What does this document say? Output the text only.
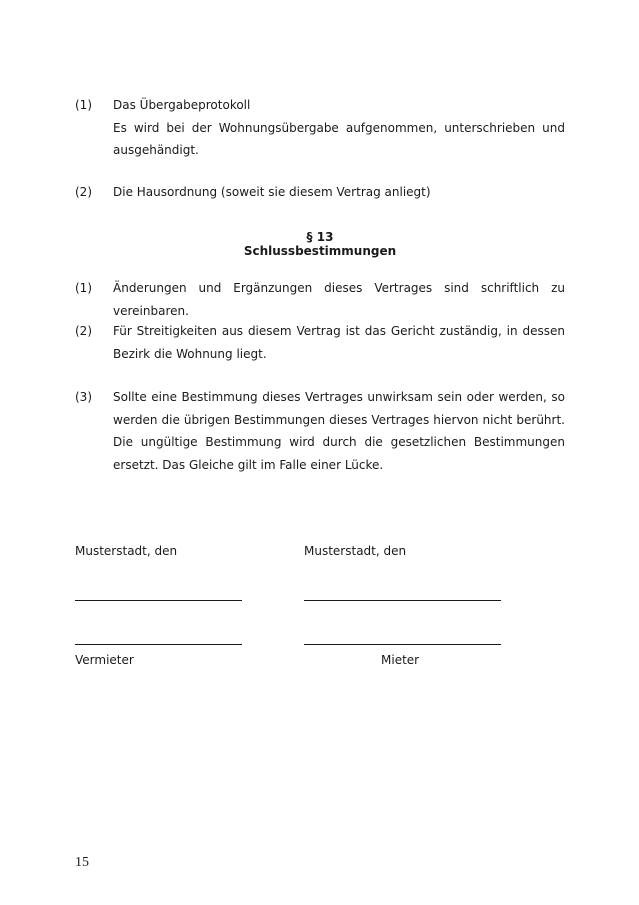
(1) Das Übergabeprotokoll
Es wird bei der Wohnungsübergabe aufgenommen, unterschrieben und ausgehändigt.
(2) Die Hausordnung (soweit sie diesem Vertrag anliegt)
§ 13
Schlussbestimmungen
(1) Änderungen und Ergänzungen dieses Vertrages sind schriftlich zu vereinbaren.
(2) Für Streitigkeiten aus diesem Vertrag ist das Gericht zuständig, in dessen Bezirk die Wohnung liegt.
(3) Sollte eine Bestimmung dieses Vertrages unwirksam sein oder werden, so werden die übrigen Bestimmungen dieses Vertrages hiervon nicht berührt. Die ungültige Bestimmung wird durch die gesetzlichen Bestimmungen ersetzt. Das Gleiche gilt im Falle einer Lücke.
Musterstadt, den	Musterstadt, den
Vermieter	Mieter
15
